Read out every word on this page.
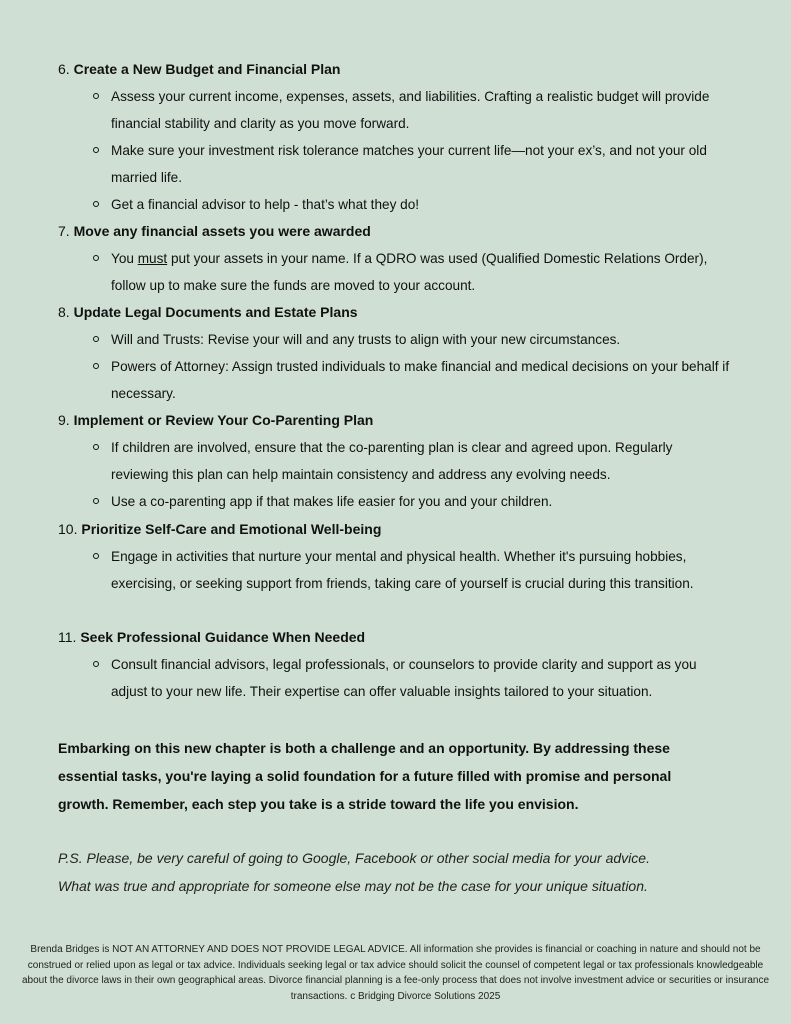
6. Create a New Budget and Financial Plan

Assess your current income, expenses, assets, and liabilities. Crafting a realistic budget will provide financial stability and clarity as you move forward.
Make sure your investment risk tolerance matches your current life—not your ex’s, and not your old married life.
Get a financial advisor to help - that’s what they do!

7. Move any financial assets you were awarded

You must put your assets in your name. If a QDRO was used (Qualified Domestic Relations Order), follow up to make sure the funds are moved to your account.

8. Update Legal Documents and Estate Plans

Will and Trusts: Revise your will and any trusts to align with your new circumstances.
Powers of Attorney: Assign trusted individuals to make financial and medical decisions on your behalf if necessary.

9. Implement or Review Your Co-Parenting Plan

If children are involved, ensure that the co-parenting plan is clear and agreed upon. Regularly reviewing this plan can help maintain consistency and address any evolving needs.
Use a co-parenting app if that makes life easier for you and your children.

10. Prioritize Self-Care and Emotional Well-being

Engage in activities that nurture your mental and physical health. Whether it's pursuing hobbies, exercising, or seeking support from friends, taking care of yourself is crucial during this transition.

11. Seek Professional Guidance When Needed

Consult financial advisors, legal professionals, or counselors to provide clarity and support as you adjust to your new life. Their expertise can offer valuable insights tailored to your situation.

Embarking on this new chapter is both a challenge and an opportunity. By addressing these

essential tasks, you're laying a solid foundation for a future filled with promise and personal

growth. Remember, each step you take is a stride toward the life you envision.

P.S. Please, be very careful of going to Google, Facebook or other social media for your advice.

What was true and appropriate for someone else may not be the case for your unique situation.

Brenda Bridges is NOT AN ATTORNEY AND DOES NOT PROVIDE LEGAL ADVICE. All information she provides is financial or coaching in nature and should not be construed or relied upon as legal or tax advice. Individuals seeking legal or tax advice should solicit the counsel of competent legal or tax professionals knowledgeable about the divorce laws in their own geographical areas. Divorce financial planning is a fee-only process that does not involve investment advice or securities or insurance transactions. c Bridging Divorce Solutions 2025
